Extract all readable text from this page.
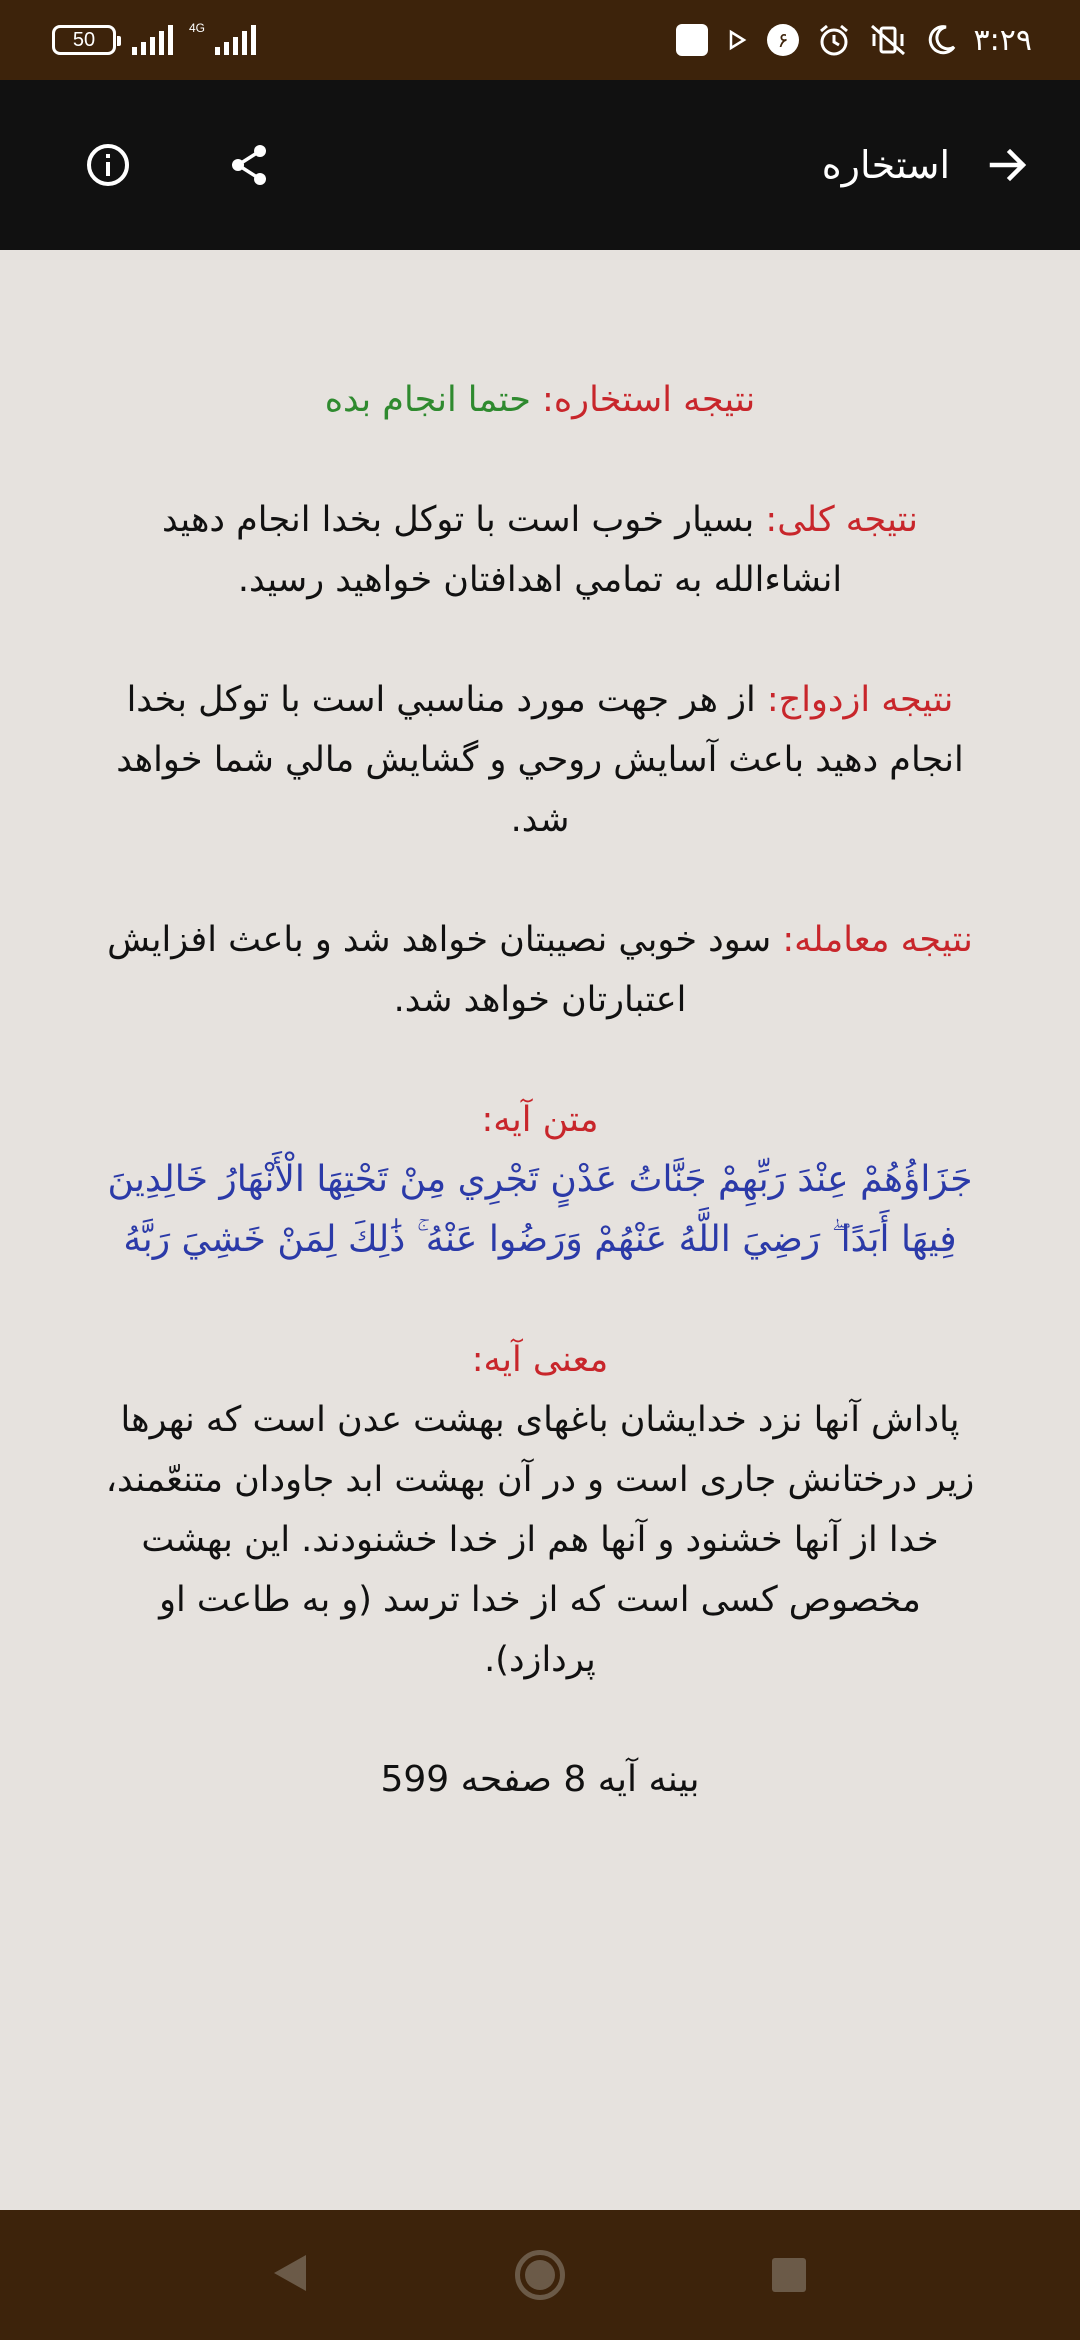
50
4G	۶	۳:۲۹
استخاره
نتیجه استخاره: حتما انجام بده
نتیجه کلی: بسيار خوب است با توکل بخدا انجام دهيد انشاءالله به تمامي اهدافتان خواهيد رسيد.
نتیجه ازدواج: از هر جهت مورد مناسبي است با توکل بخدا انجام دهيد باعث آسايش روحي و گشايش مالي شما خواهد شد.
نتیجه معامله: سود خوبي نصيبتان خواهد شد و باعث افزايش اعتبارتان خواهد شد.
متن آیه:
جَزَاؤُهُمْ عِنْدَ رَبِّهِمْ جَنَّاتُ عَدْنٍ تَجْرِي مِنْ تَحْتِهَا الْأَنْهَارُ خَالِدِينَ فِيهَا أَبَدًا ۖ رَضِيَ اللَّهُ عَنْهُمْ وَرَضُوا عَنْهُ ۚ ذَٰلِكَ لِمَنْ خَشِيَ رَبَّهُ
معنی آیه:
پاداش آنها نزد خدايشان باغهای بهشت عدن است كه نهرها زير درختانش جاری است و در آن بهشت ابد جاودان متنعّمند، خدا از آنها خشنود و آنها هم از خدا خشنودند. اين بهشت مخصوص كسی است كه از خدا ترسد (و به طاعت او پردازد).
بینه آیه 8 صفحه 599
